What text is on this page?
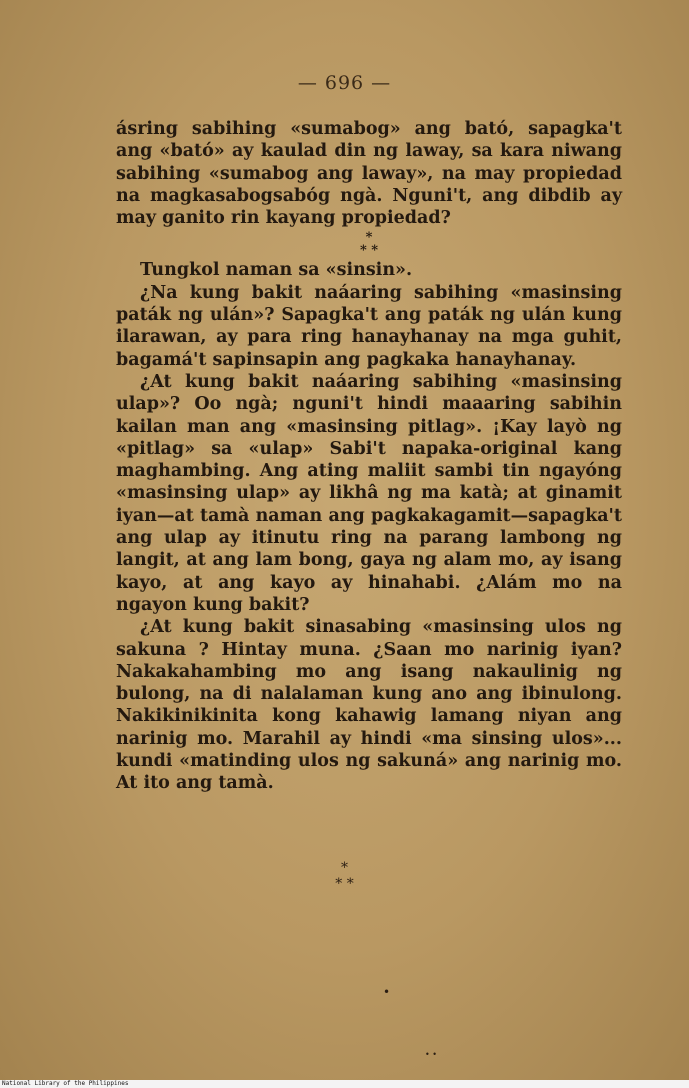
— 696 —

ásring sabihing «sumabog» ang bató, sapagka't ang «bató» ay kaulad din ng laway, sa kara niwang sabihing «sumabog ang laway», na may propiedad na magkasabogsabóg ngà. Nguni't, ang dibdib ay may ganito rin kayang propiedad?

*
* *

Tungkol naman sa «sinsin».

¿Na kung bakit naáaring sabihing «masinsing paták ng ulán»? Sapagka't ang paták ng ulán kung ilarawan, ay para ring hanayhanay na mga guhit, bagamá't sapinsapin ang pagkaka hanayhanay.

¿At kung bakit naáaring sabihing «masinsing ulap»? Oo ngà; nguni't hindi maaaring sabihin kailan man ang «masinsing pitlag». ¡Kay layò ng «pitlag» sa «ulap» Sabi't napaka-original kang maghambing. Ang ating maliit sambi tin ngayóng «masinsing ulap» ay likhâ ng ma katà; at ginamit iyan—at tamà naman ang pagkakagamit—sapagka't ang ulap ay itinutu ring na parang lambong ng langit, at ang lam bong, gaya ng alam mo, ay isang kayo, at ang kayo ay hinahabi. ¿Alám mo na ngayon kung bakit?

¿At kung bakit sinasabing «masinsing ulos ng sakuna ? Hintay muna. ¿Saan mo narinig iyan? Nakakahambing mo ang isang nakaulinig ng bulong, na di nalalaman kung ano ang ibinulong. Nakikinikinita kong kahawig lamang niyan ang narinig mo. Marahil ay hindi «ma sinsing ulos»... kundi «matinding ulos ng sakuná» ang narinig mo. At ito ang tamà.

*
* *
•
• •
National Library of the Philippines
